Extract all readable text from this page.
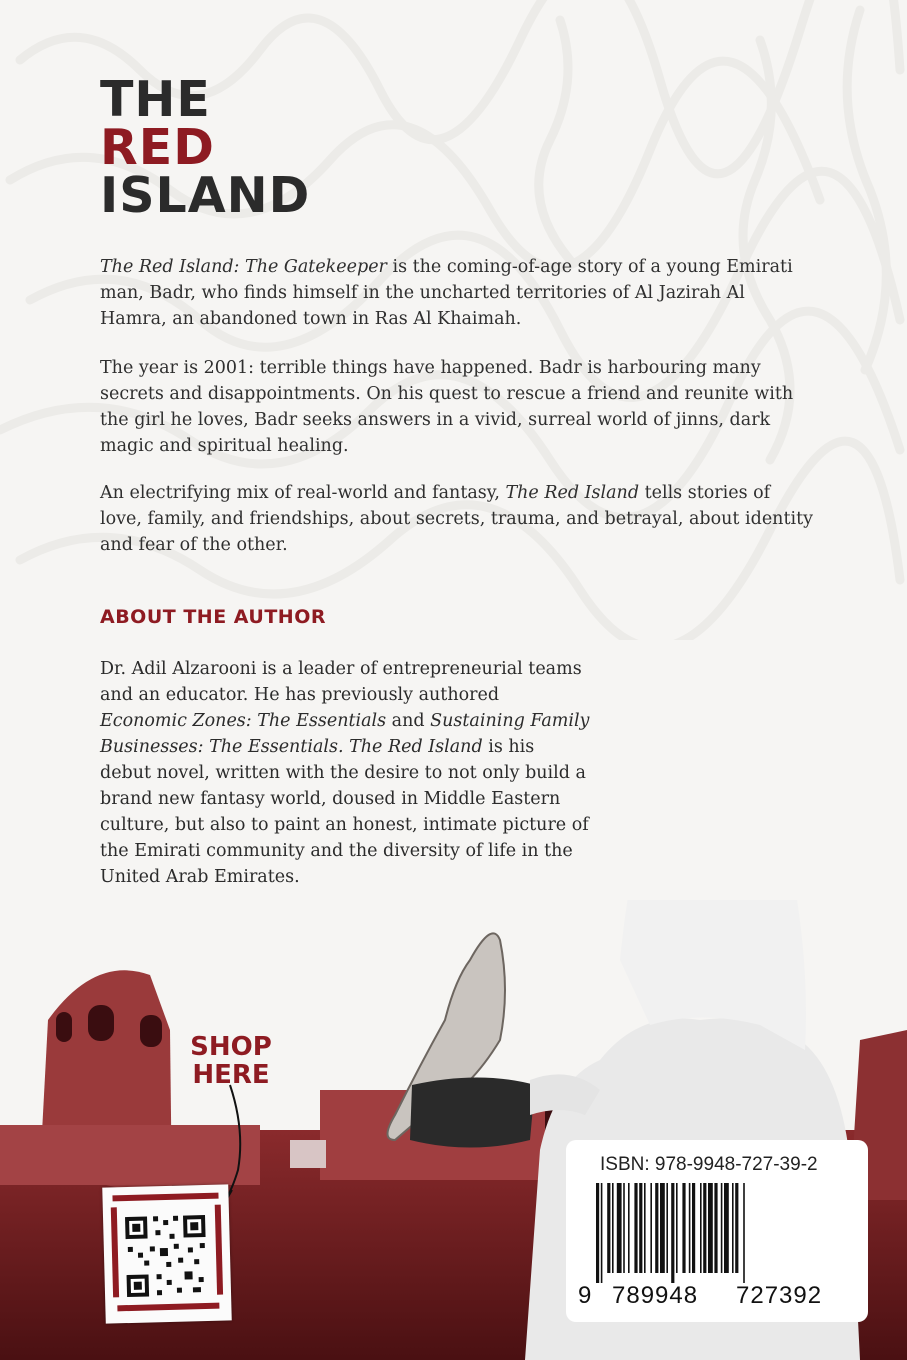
THE
RED
ISLAND

The Red Island: The Gatekeeper is the coming-of-age story of a young Emirati man, Badr, who finds himself in the uncharted territories of Al Jazirah Al Hamra, an abandoned town in Ras Al Khaimah.

The year is 2001: terrible things have happened. Badr is harbouring many secrets and disappointments. On his quest to rescue a friend and reunite with the girl he loves, Badr seeks answers in a vivid, surreal world of jinns, dark magic and spiritual healing.

An electrifying mix of real-world and fantasy, The Red Island tells stories of love, family, and friendships, about secrets, trauma, and betrayal, about identity and fear of the other.

ABOUT THE AUTHOR

Dr. Adil Alzarooni is a leader of entrepreneurial teams and an educator. He has previously authored Economic Zones: The Essentials and Sustaining Family Businesses: The Essentials. The Red Island is his debut novel, written with the desire to not only build a brand new fantasy world, doused in Middle Eastern culture, but also to paint an honest, intimate picture of the Emirati community and the diversity of life in the United Arab Emirates.

SHOP
HERE
ISBN: 978-9948-727-39-2
9 789948 727392
